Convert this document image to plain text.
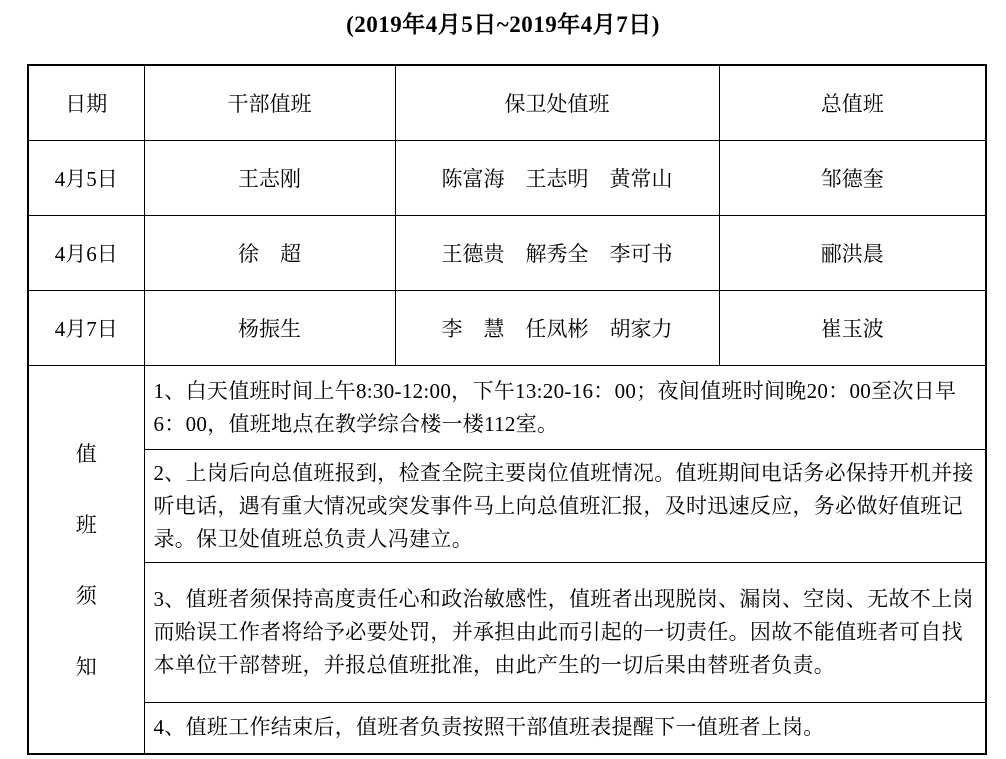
(2019年4月5日~2019年4月7日)
日期	干部值班	保卫处值班	总值班
4月5日	王志刚	陈富海　王志明　黄常山	邹德奎
4月6日	徐　超	王德贵　解秀全　李可书	郦洪晨
4月7日	杨振生	李　慧　任凤彬　胡家力	崔玉波

值
班
须
知	1、白天值班时间上午8:30-12:00，下午13:20-16：00；夜间值班时间晚20：00至次日早6：00，值班地点在教学综合楼一楼112室。		
	2、上岗后向总值班报到，检查全院主要岗位值班情况。值班期间电话务必保持开机并接听电话，遇有重大情况或突发事件马上向总值班汇报，及时迅速反应，务必做好值班记录。保卫处值班总负责人冯建立。		
	3、值班者须保持高度责任心和政治敏感性，值班者出现脱岗、漏岗、空岗、无故不上岗而贻误工作者将给予必要处罚，并承担由此而引起的一切责任。因故不能值班者可自找本单位干部替班，并报总值班批准，由此产生的一切后果由替班者负责。		
	4、值班工作结束后，值班者负责按照干部值班表提醒下一值班者上岗。		
